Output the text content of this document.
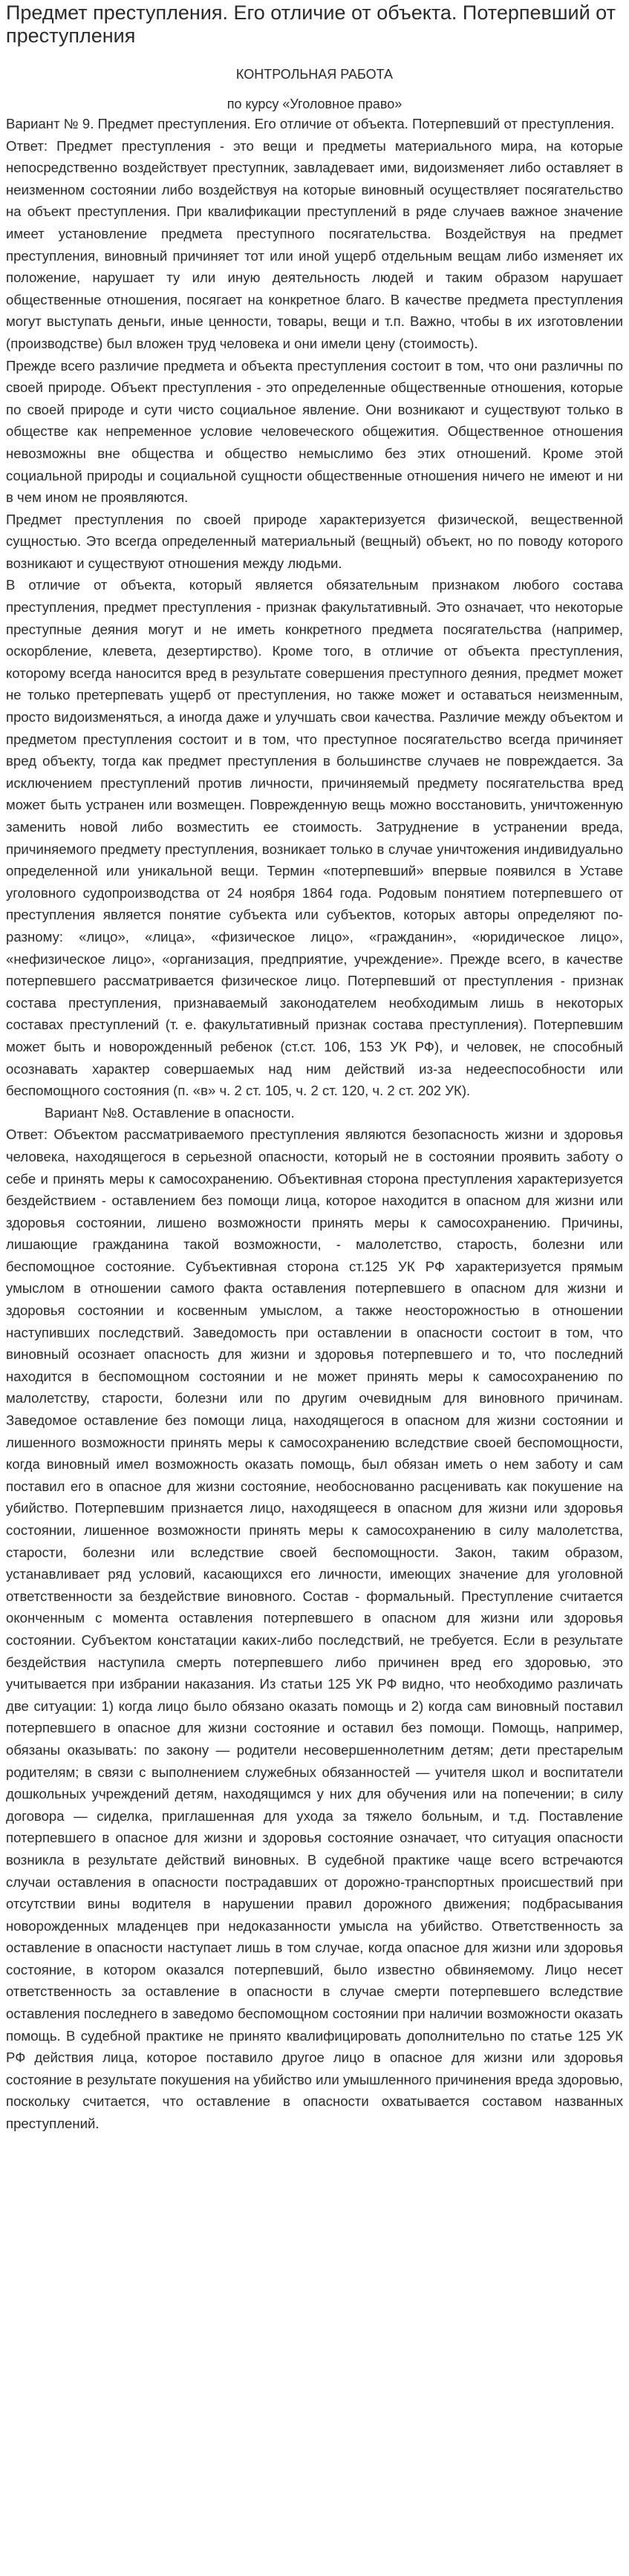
Предмет преступления. Его отличие от объекта. Потерпевший от преступления

КОНТРОЛЬНАЯ РАБОТА

по курсу «Уголовное право»

Вариант № 9. Предмет преступления. Его отличие от объекта. Потерпевший от преступления.

Ответ: Предмет преступления - это вещи и предметы материального мира, на которые непосредственно воздействует преступник, завладевает ими, видоизменяет либо оставляет в неизменном состоянии либо воздействуя на которые виновный осуществляет посягательство на объект преступления. При квалификации преступлений в ряде случаев важное значение имеет установление предмета преступного посягательства. Воздействуя на предмет преступления, виновный причиняет тот или иной ущерб отдельным вещам либо изменяет их положение, нарушает ту или иную деятельность людей и таким образом нарушает общественные отношения, посягает на конкретное благо. В качестве предмета преступления могут выступать деньги, иные ценности, товары, вещи и т.п. Важно, чтобы в их изготовлении (производстве) был вложен труд человека и они имели цену (стоимость).

Прежде всего различие предмета и объекта преступления состоит в том, что они различны по своей природе. Объект преступления - это определенные общественные отношения, которые по своей природе и сути чисто социальное явление. Они возникают и существуют только в обществе как непременное условие человеческого общежития. Общественное отношения невозможны вне общества и общество немыслимо без этих отношений. Кроме этой социальной природы и социальной сущности общественные отношения ничего не имеют и ни в чем ином не проявляются.

Предмет преступления по своей природе характеризуется физической, вещественной сущностью. Это всегда определенный материальный (вещный) объект, но по поводу которого возникают и существуют отношения между людьми.

В отличие от объекта, который является обязательным признаком любого состава преступления, предмет преступления - признак факультативный. Это означает, что некоторые преступные деяния могут и не иметь конкретного предмета посягательства (например, оскорбление, клевета, дезертирство). Кроме того, в отличие от объекта преступления, которому всегда наносится вред в результате совершения преступного деяния, предмет может не только претерпевать ущерб от преступления, но также может и оставаться неизменным, просто видоизменяться, а иногда даже и улучшать свои качества. Различие между объектом и предметом преступления состоит и в том, что преступное посягательство всегда причиняет вред объекту, тогда как предмет преступления в большинстве случаев не повреждается. За исключением преступлений против личности, причиняемый предмету посягательства вред может быть устранен или возмещен. Поврежденную вещь можно восстановить, уничтоженную заменить новой либо возместить ее стоимость. Затруднение в устранении вреда, причиняемого предмету преступления, возникает только в случае уничтожения индивидуально определенной или уникальной вещи. Термин «потерпевший» впервые появился в Уставе уголовного судопроизводства от 24 ноября 1864 года. Родовым понятием потерпевшего от преступления является понятие субъекта или субъектов, которых авторы определяют по-разному: «лицо», «лица», «физическое лицо», «гражданин», «юридическое лицо», «нефизическое лицо», «организация, предприятие, учреждение». Прежде всего, в качестве потерпевшего рассматривается физическое лицо. Потерпевший от преступления - признак состава преступления, признаваемый законодателем необходимым лишь в некоторых составах преступлений (т. е. факультативный признак состава преступления). Потерпевшим может быть и новорожденный ребенок (ст.ст. 106, 153 УК РФ), и человек, не способный осознавать характер совершаемых над ним действий из-за недееспособности или беспомощного состояния (п. «в» ч. 2 ст. 105, ч. 2 ст. 120, ч. 2 ст. 202 УК).

Вариант №8. Оставление в опасности.

Ответ: Объектом рассматриваемого преступления являются безопасность жизни и здоровья человека, находящегося в серьезной опасности, который не в состоянии проявить заботу о себе и принять меры к самосохранению. Объективная сторона преступления характеризуется бездействием - оставлением без помощи лица, которое находится в опасном для жизни или здоровья состоянии, лишено возможности принять меры к самосохранению. Причины, лишающие гражданина такой возможности, - малолетство, старость, болезни или беспомощное состояние. Субъективная сторона ст.125 УК РФ характеризуется прямым умыслом в отношении самого факта оставления потерпевшего в опасном для жизни и здоровья состоянии и косвенным умыслом, а также неосторожностью в отношении наступивших последствий. Заведомость при оставлении в опасности состоит в том, что виновный осознает опасность для жизни и здоровья потерпевшего и то, что последний находится в беспомощном состоянии и не может принять меры к самосохранению по малолетству, старости, болезни или по другим очевидным для виновного причинам. Заведомое оставление без помощи лица, находящегося в опасном для жизни состоянии и лишенного возможности принять меры к самосохранению вследствие своей беспомощности, когда виновный имел возможность оказать помощь, был обязан иметь о нем заботу и сам поставил его в опасное для жизни состояние, необоснованно расценивать как покушение на убийство. Потерпевшим признается лицо, находящееся в опасном для жизни или здоровья состоянии, лишенное возможности принять меры к самосохранению в силу малолетства, старости, болезни или вследствие своей беспомощности. Закон, таким образом, устанавливает ряд условий, касающихся его личности, имеющих значение для уголовной ответственности за бездействие виновного. Состав - формальный. Преступление считается оконченным с момента оставления потерпевшего в опасном для жизни или здоровья состоянии. Субъектом констатации каких-либо последствий, не требуется. Если в результате бездействия наступила смерть потерпевшего либо причинен вред его здоровью, это учитывается при избрании наказания. Из статьи 125 УК РФ видно, что необходимо различать две ситуации: 1) когда лицо было обязано оказать помощь и 2) когда сам виновный поставил потерпевшего в опасное для жизни состояние и оставил без помощи. Помощь, например, обязаны оказывать: по закону — родители несовершеннолетним детям; дети престарелым родителям; в связи с выполнением служебных обязанностей — учителя школ и воспитатели дошкольных учреждений детям, находящимся у них для обучения или на попечении; в силу договора — сиделка, приглашенная для ухода за тяжело больным, и т.д. Поставление потерпевшего в опасное для жизни и здоровья состояние означает, что ситуация опасности возникла в результате действий виновных. В судебной практике чаще всего встречаются случаи оставления в опасности пострадавших от дорожно-транспортных происшествий при отсутствии вины водителя в нарушении правил дорожного движения; подбрасывания новорожденных младенцев при недоказанности умысла на убийство. Ответственность за оставление в опасности наступает лишь в том случае, когда опасное для жизни или здоровья состояние, в котором оказался потерпевший, было известно обвиняемому. Лицо несет ответственность за оставление в опасности в случае смерти потерпевшего вследствие оставления последнего в заведомо беспомощном состоянии при наличии возможности оказать помощь. В судебной практике не принято квалифицировать дополнительно по статье 125 УК РФ действия лица, которое поставило другое лицо в опасное для жизни или здоровья состояние в результате покушения на убийство или умышленного причинения вреда здоровью, поскольку считается, что оставление в опасности охватывается составом названных преступлений.
